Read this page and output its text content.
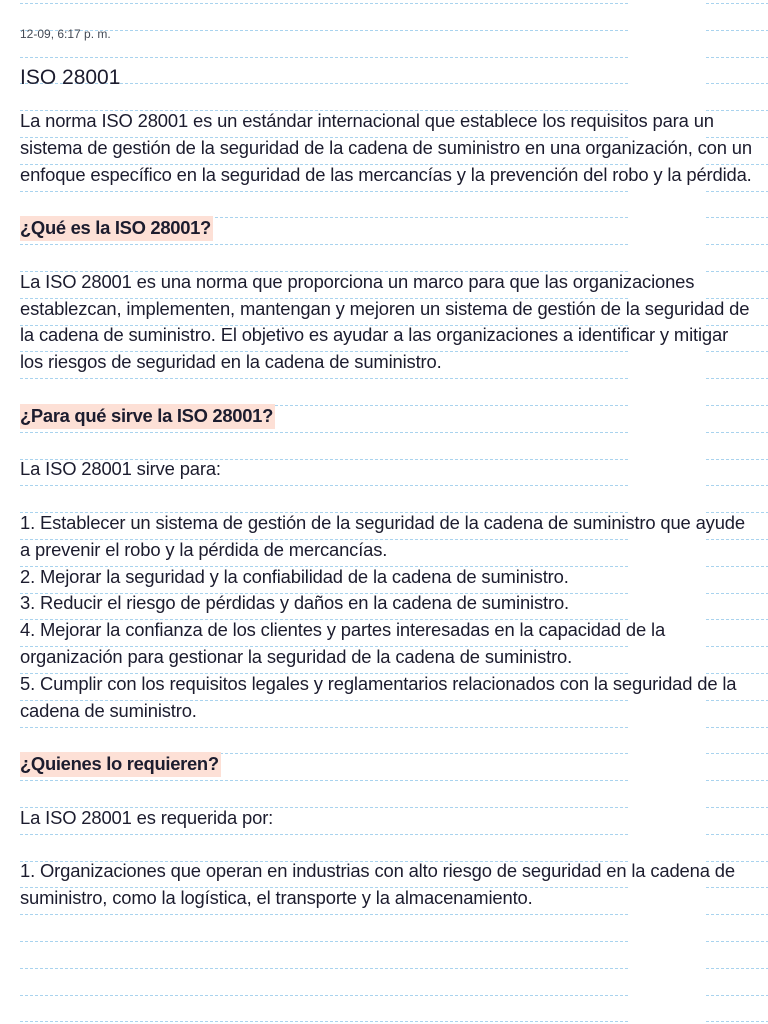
12-09, 6:17 p. m.
ISO 28001

La norma ISO 28001 es un estándar internacional que establece los requisitos para un sistema de gestión de la seguridad de la cadena de suministro en una organización, con un enfoque específico en la seguridad de las mercancías y la prevención del robo y la pérdida.

¿Qué es la ISO 28001?

La ISO 28001 es una norma que proporciona un marco para que las organizaciones establezcan, implementen, mantengan y mejoren un sistema de gestión de la seguridad de la cadena de suministro. El objetivo es ayudar a las organizaciones a identificar y mitigar los riesgos de seguridad en la cadena de suministro.

¿Para qué sirve la ISO 28001?

La ISO 28001 sirve para:

1. Establecer un sistema de gestión de la seguridad de la cadena de suministro que ayude a prevenir el robo y la pérdida de mercancías.
2. Mejorar la seguridad y la confiabilidad de la cadena de suministro.
3. Reducir el riesgo de pérdidas y daños en la cadena de suministro.
4. Mejorar la confianza de los clientes y partes interesadas en la capacidad de la organización para gestionar la seguridad de la cadena de suministro.
5. Cumplir con los requisitos legales y reglamentarios relacionados con la seguridad de la cadena de suministro.

¿Quienes lo requieren?

La ISO 28001 es requerida por:

1. Organizaciones que operan en industrias con alto riesgo de seguridad en la cadena de suministro, como la logística, el transporte y la almacenamiento.
